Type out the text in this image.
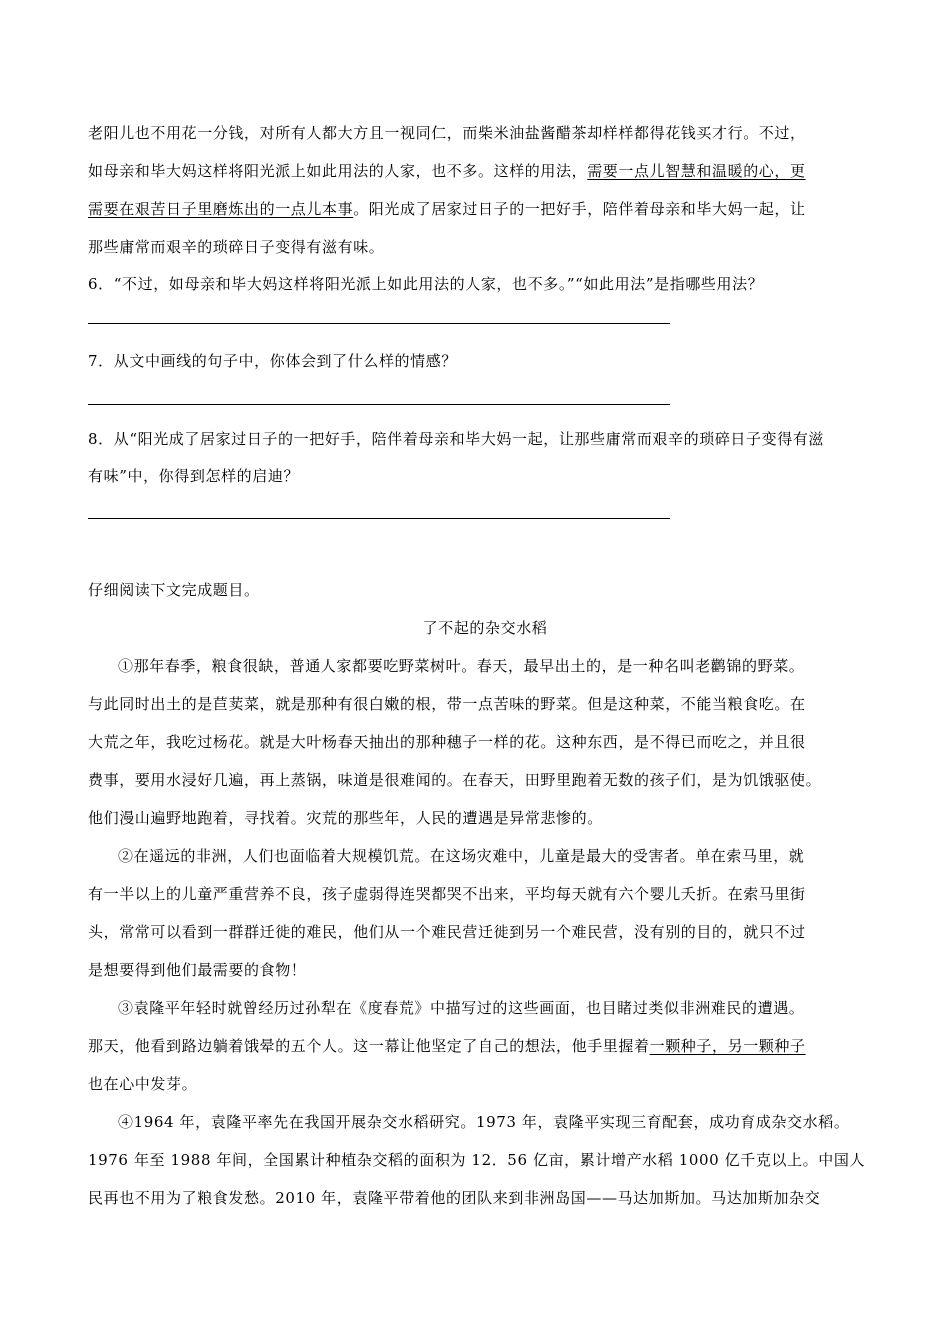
老阳儿也不用花一分钱，对所有人都大方且一视同仁，而柴米油盐酱醋茶却样样都得花钱买才行。不过，
如母亲和毕大妈这样将阳光派上如此用法的人家，也不多。这样的用法，需要一点儿智慧和温暖的心，更
需要在艰苦日子里磨炼出的一点儿本事。阳光成了居家过日子的一把好手，陪伴着母亲和毕大妈一起，让
那些庸常而艰辛的琐碎日子变得有滋有味。
6．“不过，如母亲和毕大妈这样将阳光派上如此用法的人家，也不多。”“如此用法”是指哪些用法？
7．从文中画线的句子中，你体会到了什么样的情感？
8．从“阳光成了居家过日子的一把好手，陪伴着母亲和毕大妈一起，让那些庸常而艰辛的琐碎日子变得有滋
有味”中，你得到怎样的启迪？
仔细阅读下文完成题目。
了不起的杂交水稻
①那年春季，粮食很缺，普通人家都要吃野菜树叶。春天，最早出土的，是一种名叫老鹳锦的野菜。
与此同时出土的是苣荬菜，就是那种有很白嫩的根，带一点苦味的野菜。但是这种菜，不能当粮食吃。在
大荒之年，我吃过杨花。就是大叶杨春天抽出的那种穗子一样的花。这种东西，是不得已而吃之，并且很
费事，要用水浸好几遍，再上蒸锅，味道是很难闻的。在春天，田野里跑着无数的孩子们，是为饥饿驱使。
他们漫山遍野地跑着，寻找着。灾荒的那些年，人民的遭遇是异常悲惨的。
②在遥远的非洲，人们也面临着大规模饥荒。在这场灾难中，儿童是最大的受害者。单在索马里，就
有一半以上的儿童严重营养不良，孩子虚弱得连哭都哭不出来，平均每天就有六个婴儿夭折。在索马里街
头，常常可以看到一群群迁徙的难民，他们从一个难民营迁徙到另一个难民营，没有别的目的，就只不过
是想要得到他们最需要的食物！
③袁隆平年轻时就曾经历过孙犁在《度春荒》中描写过的这些画面，也目睹过类似非洲难民的遭遇。
那天，他看到路边躺着饿晕的五个人。这一幕让他坚定了自己的想法，他手里握着一颗种子，另一颗种子
也在心中发芽。
④1964 年，袁隆平率先在我国开展杂交水稻研究。1973 年，袁隆平实现三育配套，成功育成杂交水稻。
1976 年至 1988 年间，全国累计种植杂交稻的面积为 12．56 亿亩，累计增产水稻 1000 亿千克以上。中国人
民再也不用为了粮食发愁。2010 年，袁隆平带着他的团队来到非洲岛国——马达加斯加。马达加斯加杂交
